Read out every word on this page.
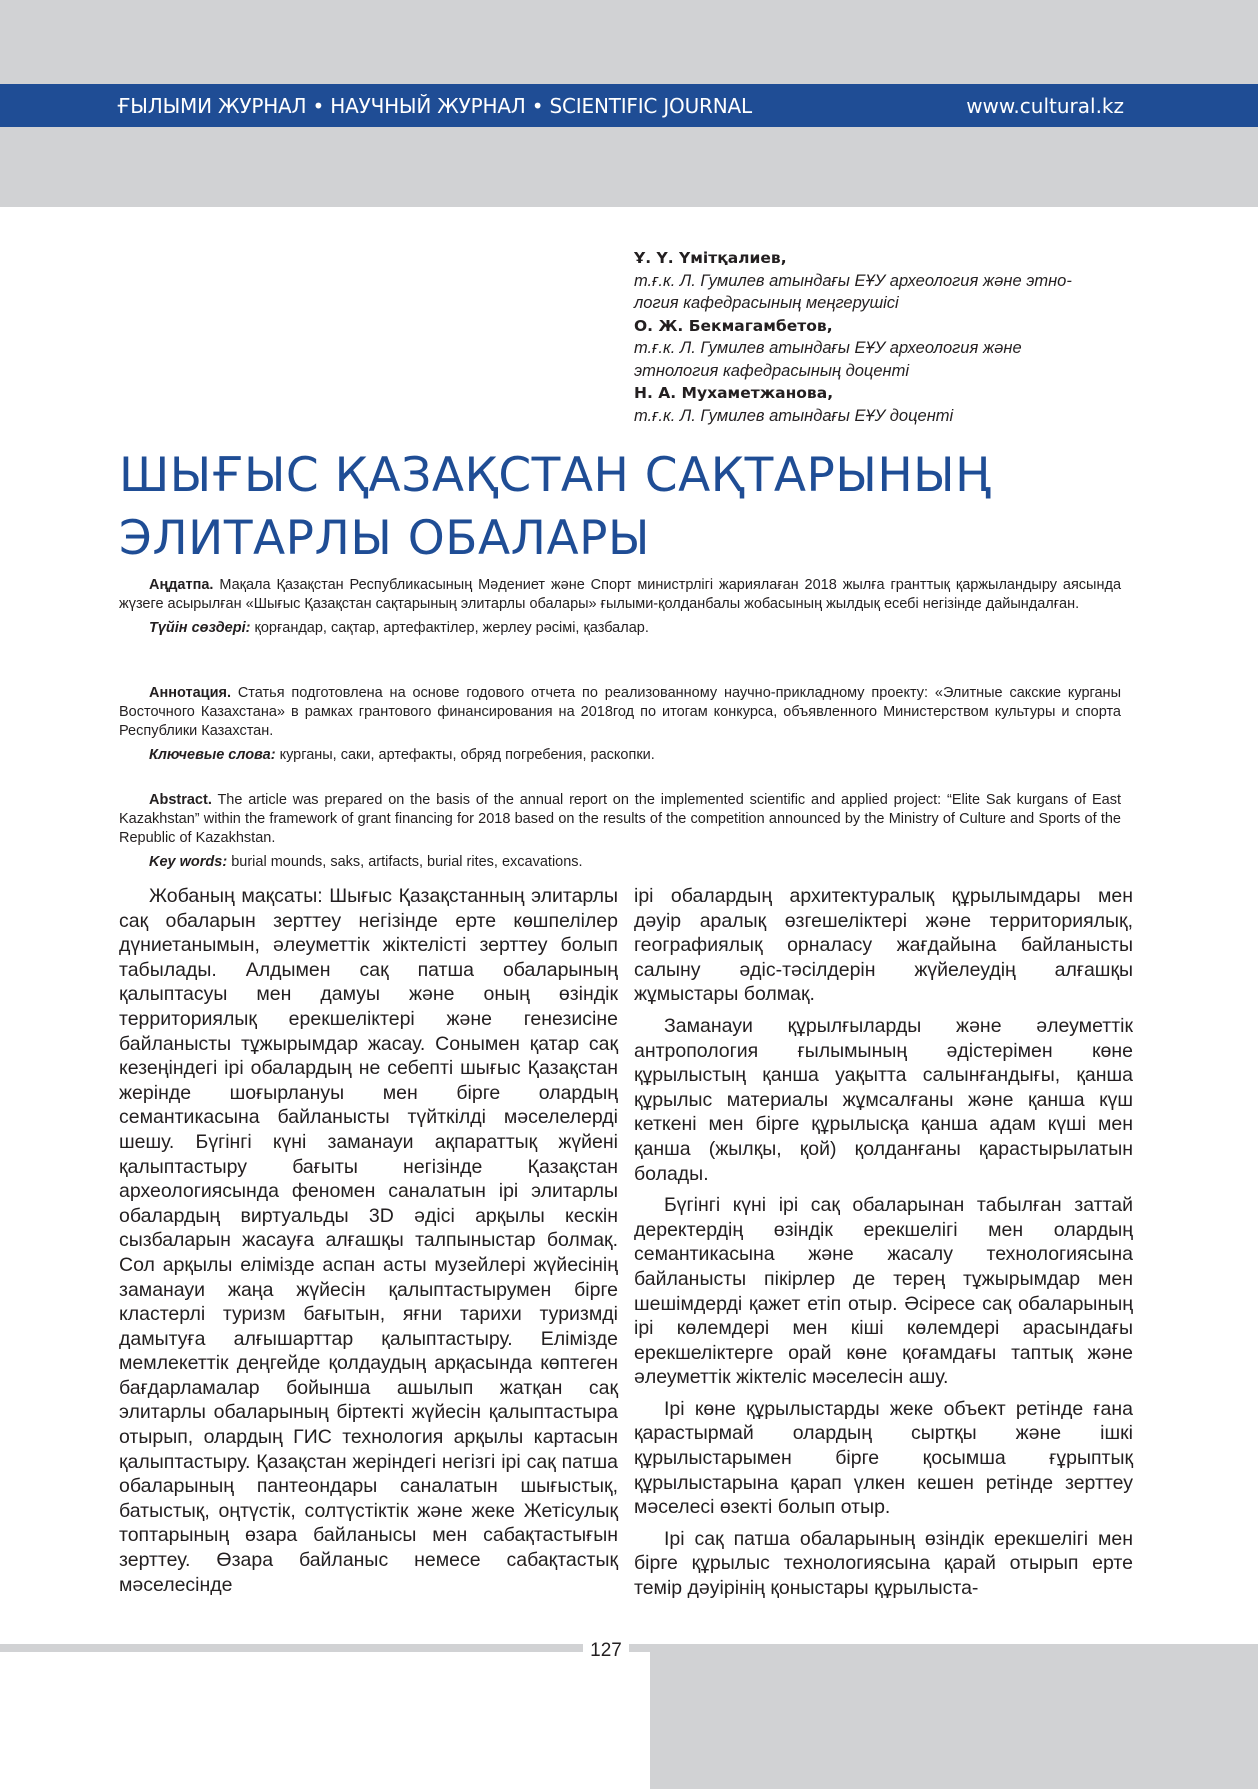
ҒЫЛЫМИ ЖУРНАЛ • НАУЧНЫЙ ЖУРНАЛ • SCIENTIFIC JOURNAL	www.cultural.kz
Ұ. Ү. Үмітқалиев,
т.ғ.к. Л. Гумилев атындағы ЕҰУ археология және этно-
логия кафедрасының меңгерушісі
О. Ж. Бекмагамбетов,
т.ғ.к. Л. Гумилев атындағы ЕҰУ археология және
этнология кафедрасының доценті
Н. А. Мухаметжанова,
т.ғ.к. Л. Гумилев атындағы ЕҰУ доценті
ШЫҒЫС ҚАЗАҚСТАН САҚТАРЫНЫҢ
ЭЛИТАРЛЫ ОБАЛАРЫ
Аңдатпа. Мақала Қазақстан Республикасының Мәдениет және Спорт министрлігі жариялаған 2018 жылға гранттық қаржыландыру аясында жүзеге асырылған «Шығыс Қазақстан сақтарының элитарлы обалары» ғылыми-қолданбалы жобасының жылдық есебі негізінде дайындалған.
Түйін сөздері: қорғандар, сақтар, артефактілер, жерлеу рәсімі, қазбалар.
Аннотация. Статья подготовлена на основе годового отчета по реализованному научно-прикладному проекту: «Элитные сакские курганы Восточного Казахстана» в рамках грантового финансирования на 2018год по итогам конкурса, объявленного Министерством культуры и спорта Республики Казахстан.
Ключевые слова: курганы, саки, артефакты, обряд погребения, раскопки.
Abstract. The article was prepared on the basis of the annual report on the implemented scientific and applied project: “Elite Sak kurgans of East Kazakhstan” within the framework of grant financing for 2018 based on the results of the competition announced by the Ministry of Culture and Sports of the Republic of Kazakhstan.
Key words: burial mounds, saks, artifacts, burial rites, excavations.

Жобаның мақсаты: Шығыс Қазақстанның элитарлы сақ обаларын зерттеу негізінде ерте көшпелілер дүниетанымын, әлеуметтік жіктелісті зерттеу болып табылады. Алдымен сақ патша обаларының қалыптасуы мен дамуы және оның өзіндік территориялық ерекшеліктері және генезисіне байланысты тұжырымдар жасау. Сонымен қатар сақ кезеңіндегі ірі обалардың не себепті шығыс Қазақстан жерінде шоғырлануы мен бірге олардың семантикасына байланысты түйткілді мәселелерді шешу. Бүгінгі күні заманауи ақпараттық жүйені қалыптастыру бағыты негізінде Қазақстан археологиясында феномен саналатын ірі элитарлы обалардың виртуальды 3D әдісі арқылы кескін сызбаларын жасауға алғашқы талпыныстар болмақ. Сол арқылы елімізде аспан асты музейлері жүйесінің заманауи жаңа жүйесін қалыптастырумен бірге кластерлі туризм бағытын, яғни тарихи туризмді дамытуға алғышарттар қалыптастыру. Елімізде мемлекеттік деңгейде қолдаудың арқасында көптеген бағдарламалар бойынша ашылып жатқан сақ элитарлы обаларының біртекті жүйесін қалыптастыра отырып, олардың ГИС технология арқылы картасын қалыптастыру. Қазақстан жеріндегі негізгі ірі сақ патша обаларының пантеондары саналатын шығыстық, батыстық, оңтүстік, солтүстіктік және жеке Жетісулық топтарының өзара байланысы мен сабақтастығын зерттеу. Өзара байланыс немесе сабақтастық мәселесінде

ірі обалардың архитектуралық құрылымдары мен дәуір аралық өзгешеліктері және территориялық, географиялық орналасу жағдайына байланысты салыну әдіс-тәсілдерін жүйелеудің алғашқы жұмыстары болмақ.

Заманауи құрылғыларды және әлеуметтік антропология ғылымының әдістерімен көне құрылыстың қанша уақытта салынғандығы, қанша құрылыс материалы жұмсалғаны және қанша күш кеткені мен бірге құрылысқа қанша адам күші мен қанша (жылқы, қой) қолданғаны қарастырылатын болады.

Бүгінгі күні ірі сақ обаларынан табылған заттай деректердің өзіндік ерекшелігі мен олардың семантикасына және жасалу технологиясына байланысты пікірлер де терең тұжырымдар мен шешімдерді қажет етіп отыр. Әсіресе сақ обаларының ірі көлемдері мен кіші көлемдері арасындағы ерекшеліктерге орай көне қоғамдағы таптық және әлеуметтік жіктеліс мәселесін ашу.

Ірі көне құрылыстарды жеке объект ретінде ғана қарастырмай олардың сыртқы және ішкі құрылыстарымен бірге қосымша ғұрыптық құрылыстарына қарап үлкен кешен ретінде зерттеу мәселесі өзекті болып отыр.

Ірі сақ патша обаларының өзіндік ерекшелігі мен бірге құрылыс технологиясына қарай отырып ерте темір дәуірінің қоныстары құрылыста-

127
